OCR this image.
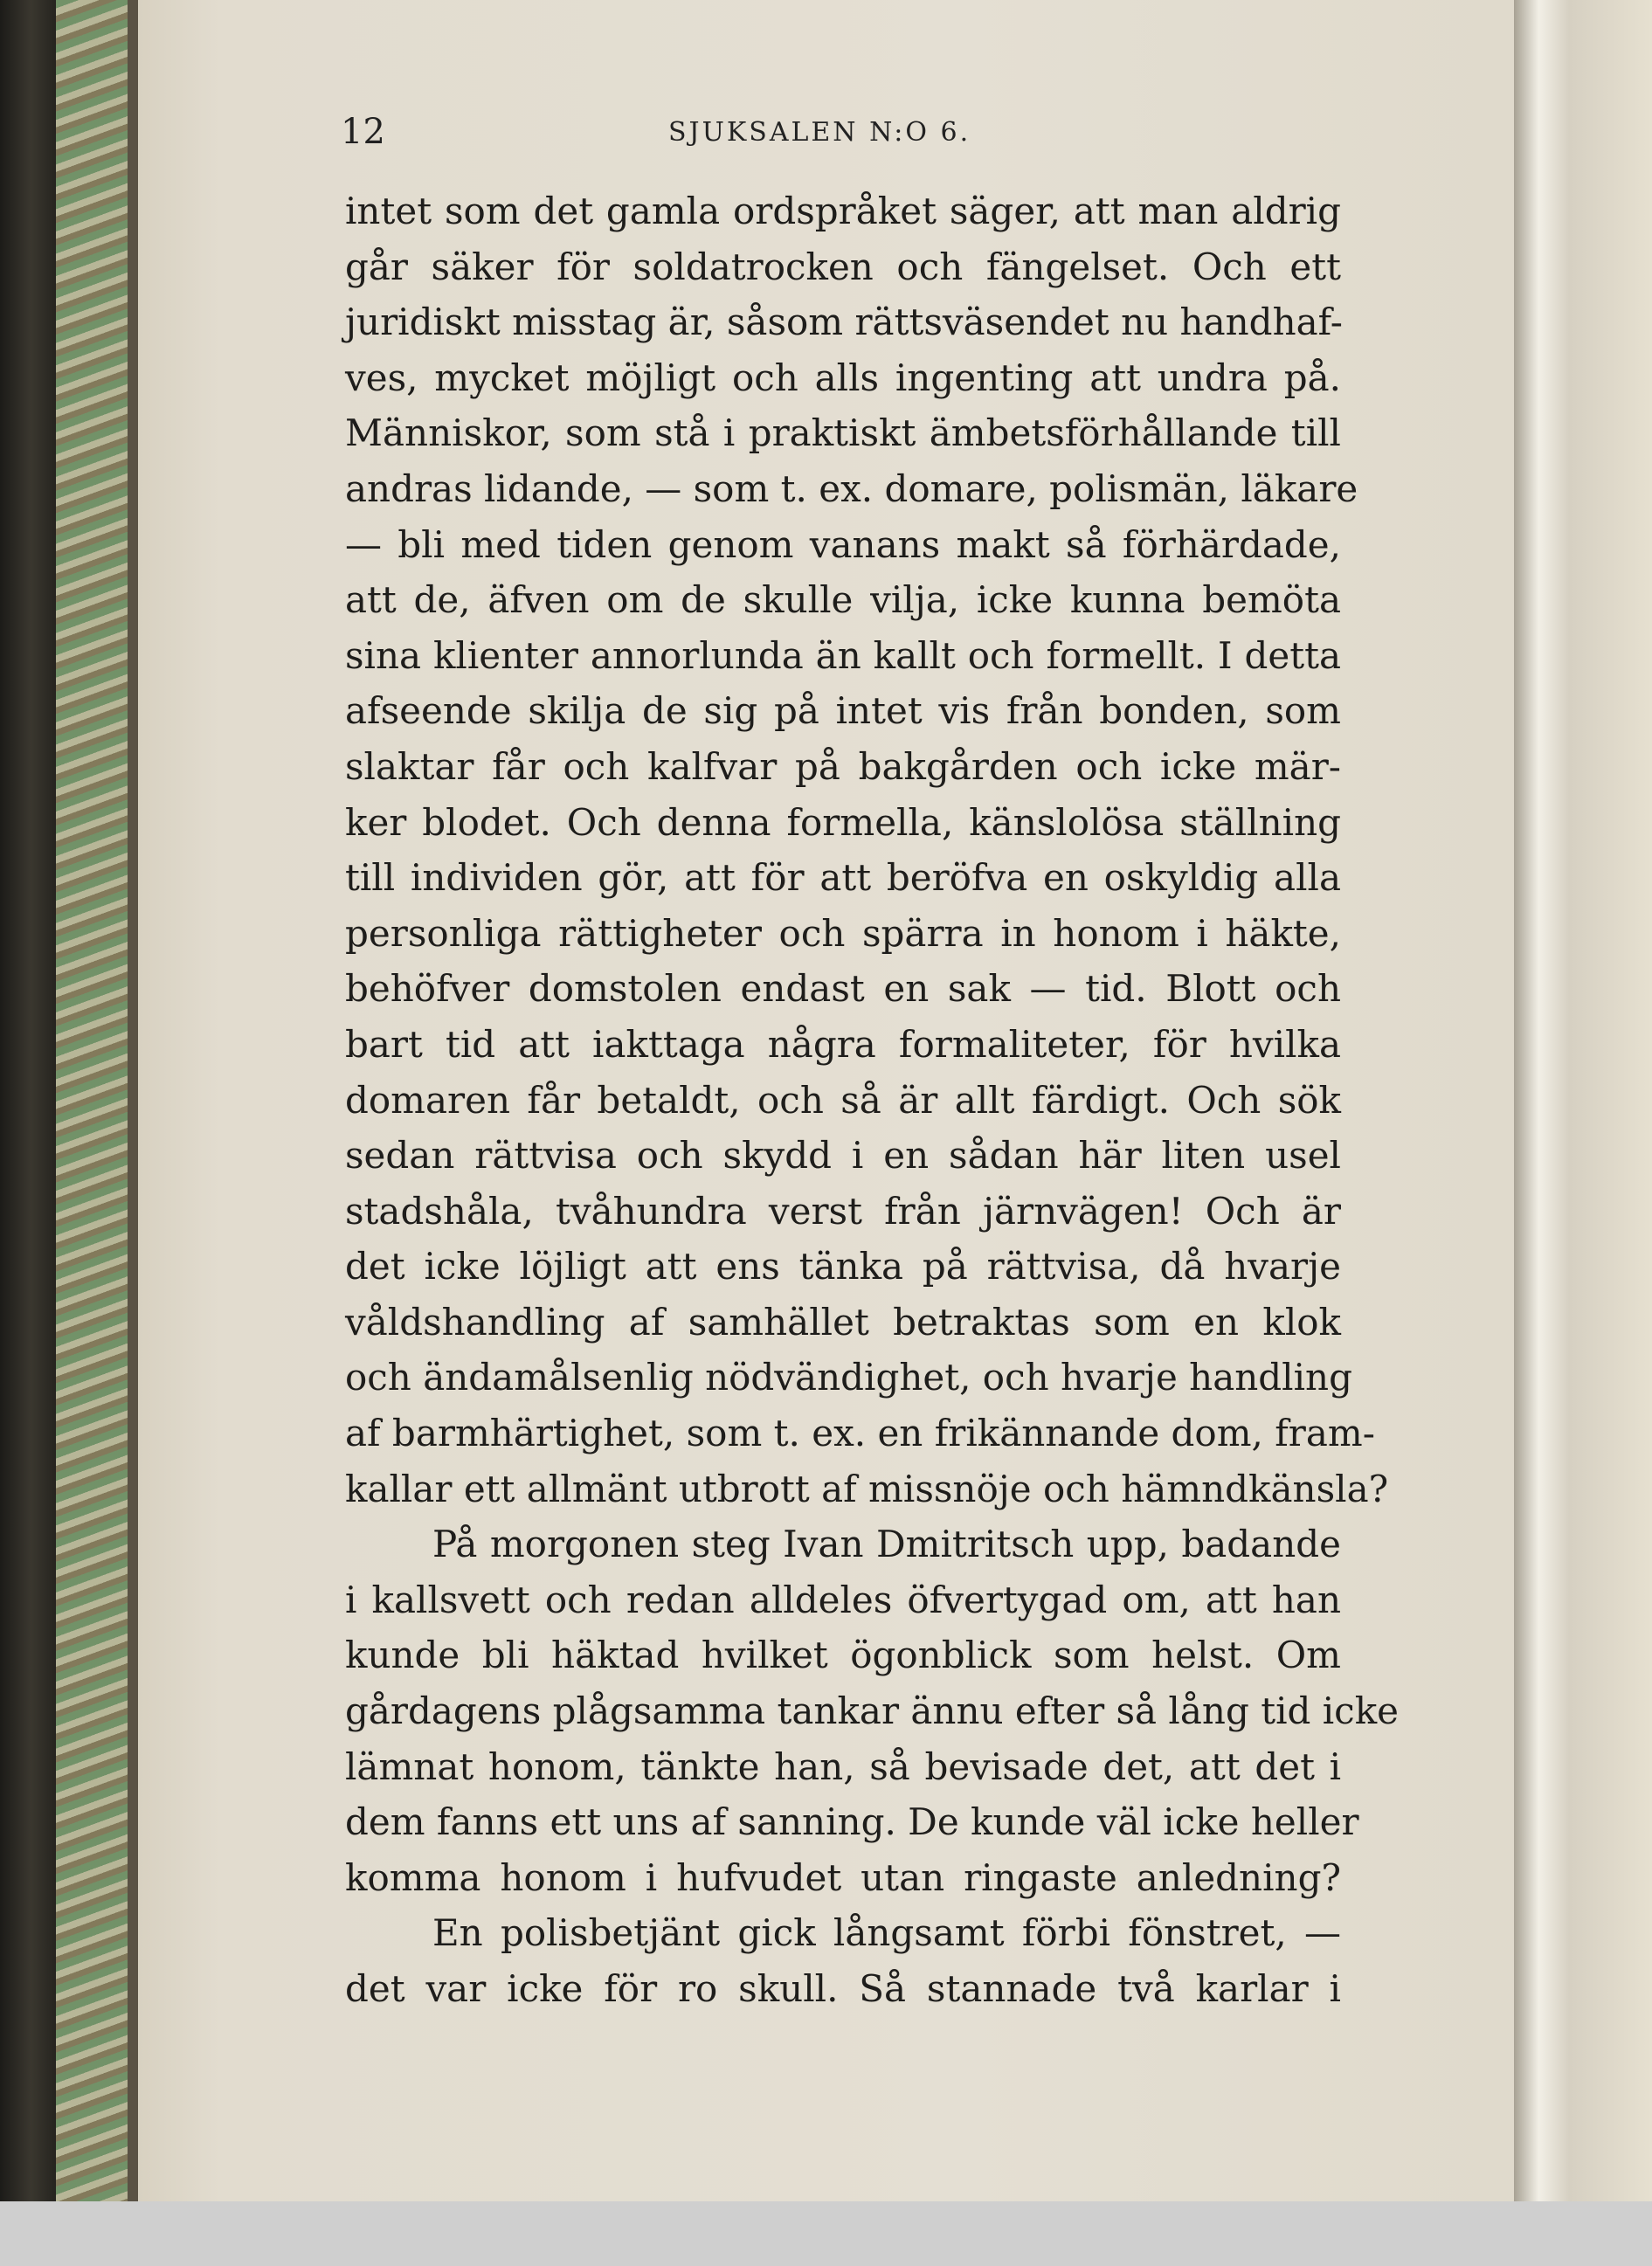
12	SJUKSALEN N:O 6.
intet som det gamla ordspråket säger, att man aldrig
går säker för soldatrocken och fängelset. Och ett
juridiskt misstag är, såsom rättsväsendet nu handhaf-
ves, mycket möjligt och alls ingenting att undra på.
Människor, som stå i praktiskt ämbetsförhållande till
andras lidande, — som t. ex. domare, polismän, läkare
— bli med tiden genom vanans makt så förhärdade,
att de, äfven om de skulle vilja, icke kunna bemöta
sina klienter annorlunda än kallt och formellt. I detta
afseende skilja de sig på intet vis från bonden, som
slaktar får och kalfvar på bakgården och icke mär-
ker blodet. Och denna formella, känslolösa ställning
till individen gör, att för att beröfva en oskyldig alla
personliga rättigheter och spärra in honom i häkte,
behöfver domstolen endast en sak — tid. Blott och
bart tid att iakttaga några formaliteter, för hvilka
domaren får betaldt, och så är allt färdigt. Och sök
sedan rättvisa och skydd i en sådan här liten usel
stadshåla, tvåhundra verst från järnvägen! Och är
det icke löjligt att ens tänka på rättvisa, då hvarje
våldshandling af samhället betraktas som en klok
och ändamålsenlig nödvändighet, och hvarje handling
af barmhärtighet, som t. ex. en frikännande dom, fram-
kallar ett allmänt utbrott af missnöje och hämndkänsla?
På morgonen steg Ivan Dmitritsch upp, badande
i kallsvett och redan alldeles öfvertygad om, att han
kunde bli häktad hvilket ögonblick som helst. Om
gårdagens plågsamma tankar ännu efter så lång tid icke
lämnat honom, tänkte han, så bevisade det, att det i
dem fanns ett uns af sanning. De kunde väl icke heller
komma honom i hufvudet utan ringaste anledning?
En polisbetjänt gick långsamt förbi fönstret, —
det var icke för ro skull. Så stannade två karlar i
